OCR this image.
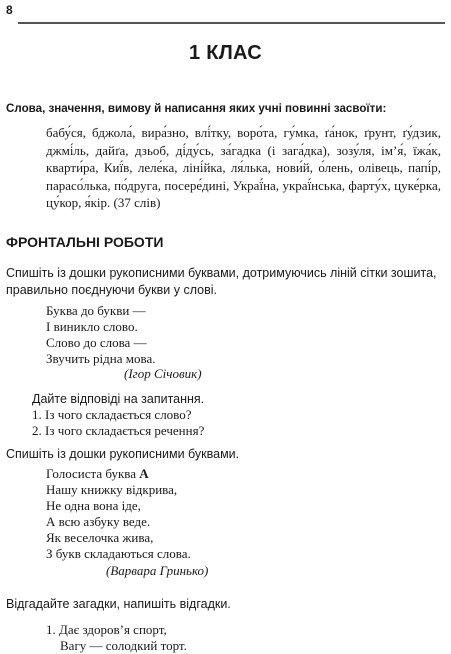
8
1 КЛАС
Слова, значення, вимову й написання яких учні повинні засвоїти:
бабу́ся, бджола́, вира́зно, влі́тку, воро́та, гу́мка, ґа́нок, ґрунт, ґу́дзик, джмі́ль, дайґа, дзьоб, ді́ду́сь, за́гадка (і зага́дка), зозу́ля, ім’я́, їжа́к, кварти́ра, Киї́в, леле́ка, ліні́йка, ля́лька, нови́й, о́лень, олівець, папі́р, парасо́лька, по́друга, посере́дині, Украї́на, украї́нська, фарту́х, цуке́рка, цу́кор, я́кір. (37 слів)
ФРОНТАЛЬНІ РОБОТИ
Спишіть із дошки рукописними буквами, дотримуючись ліній сітки зошита, правильно поєднуючи букви у слові.
Буква до букви —
І виникло слово.
Слово до слова —
Звучить рідна мова.
(Ігор Січовик)
Дайте відповіді на запитання.
1. Із чого складається слово?
2. Із чого складається речення?
Спишіть із дошки рукописними буквами.
Голосиста буква А
Нашу книжку відкрива,
Не одна вона іде,
А всю азбуку веде.
Як веселочка жива,
З букв складаються слова.
(Варвара Гринько)
Відгадайте загадки, напишіть відгадки.
1. Дає здоров’я спорт,
Вагу — солодкий торт.
